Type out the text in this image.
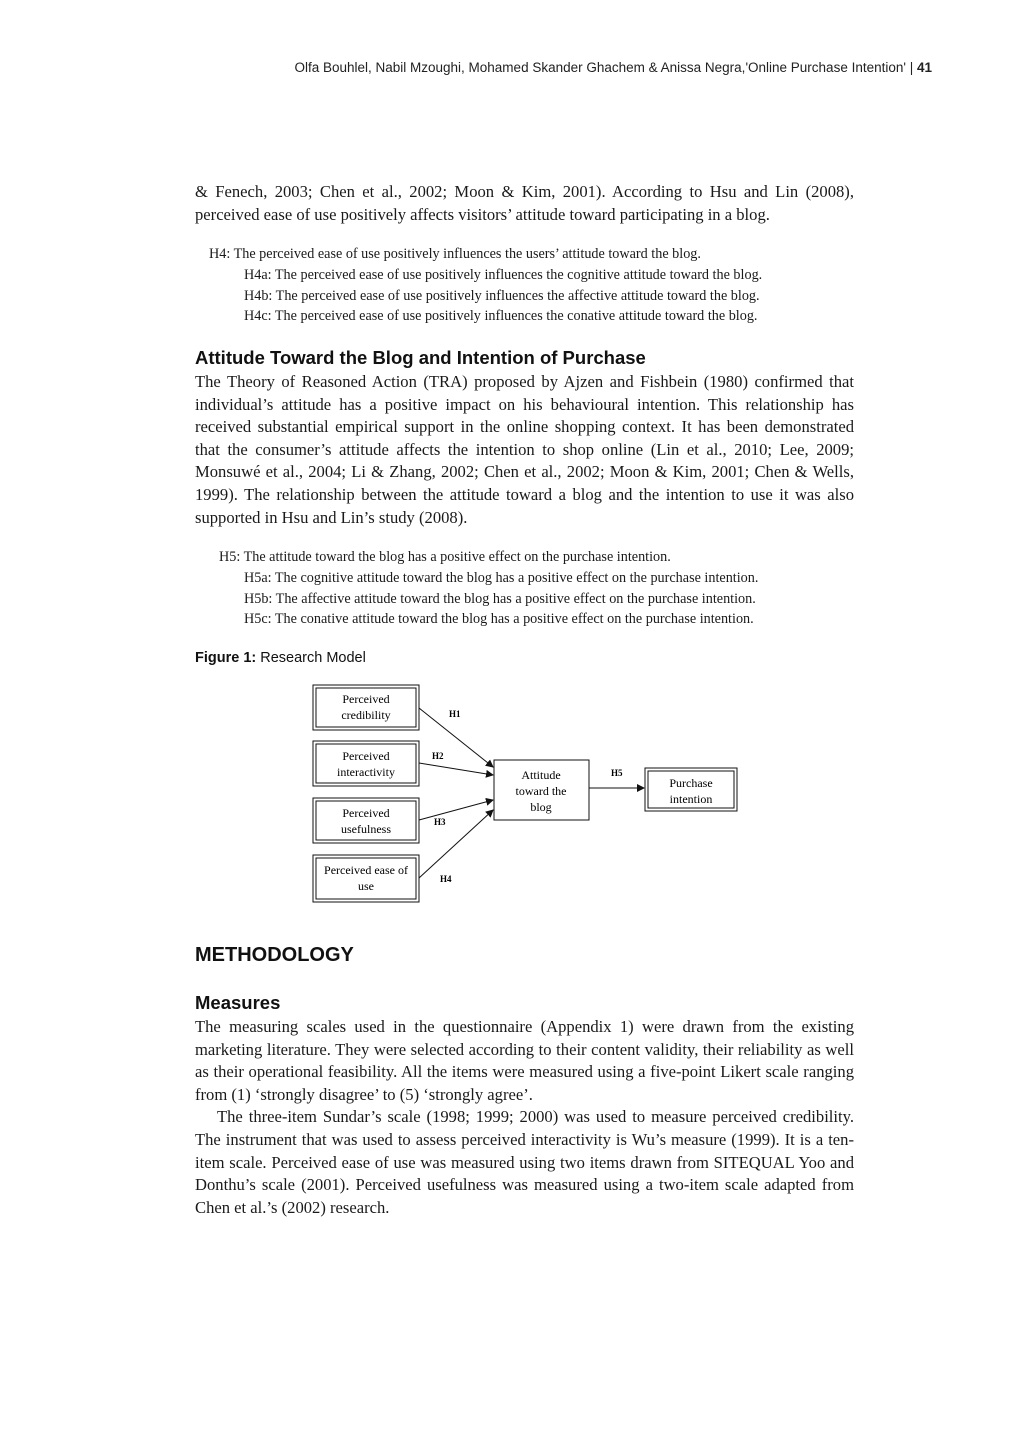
Olfa Bouhlel, Nabil Mzoughi, Mohamed Skander Ghachem & Anissa Negra,'Online Purchase Intention' | 41

& Fenech, 2003; Chen et al., 2002; Moon & Kim, 2001). According to Hsu and Lin (2008), perceived ease of use positively affects visitors’ attitude toward participating in a blog.

H4: The perceived ease of use positively influences the users’ attitude toward the blog.
H4a: The perceived ease of use positively influences the cognitive attitude toward the blog.
H4b: The perceived ease of use positively influences the affective attitude toward the blog.
H4c: The perceived ease of use positively influences the conative attitude toward the blog.
Attitude Toward the Blog and Intention of Purchase

The Theory of Reasoned Action (TRA) proposed by Ajzen and Fishbein (1980) confirmed that individual’s attitude has a positive impact on his behavioural intention. This relationship has received substantial empirical support in the online shopping context. It has been demonstrated that the consumer’s attitude affects the intention to shop online (Lin et al., 2010; Lee, 2009; Monsuwé et al., 2004; Li & Zhang, 2002; Chen et al., 2002; Moon & Kim, 2001; Chen & Wells, 1999). The relationship between the attitude toward a blog and the intention to use it was also supported in Hsu and Lin’s study (2008).

H5: The attitude toward the blog has a positive effect on the purchase intention.
H5a: The cognitive attitude toward the blog has a positive effect on the purchase intention.
H5b: The affective attitude toward the blog has a positive effect on the purchase intention.
H5c: The conative attitude toward the blog has a positive effect on the purchase intention.
Figure 1: Research Model
Perceived
credibility
Perceived
interactivity
Perceived
usefulness
Perceived ease of
use
Attitude
toward the
blog
Purchase
intention
H1
H2
H3
H4
H5
METHODOLOGY
Measures

The measuring scales used in the questionnaire (Appendix 1) were drawn from the existing marketing literature. They were selected according to their content validity, their reliability as well as their operational feasibility. All the items were measured using a five-point Likert scale ranging from (1) ‘strongly disagree’ to (5) ‘strongly agree’.

The three-item Sundar’s scale (1998; 1999; 2000) was used to measure perceived credibility. The instrument that was used to assess perceived interactivity is Wu’s measure (1999). It is a ten-item scale. Perceived ease of use was measured using two items drawn from SITEQUAL Yoo and Donthu’s scale (2001). Perceived usefulness was measured using a two-item scale adapted from Chen et al.’s (2002) research.
